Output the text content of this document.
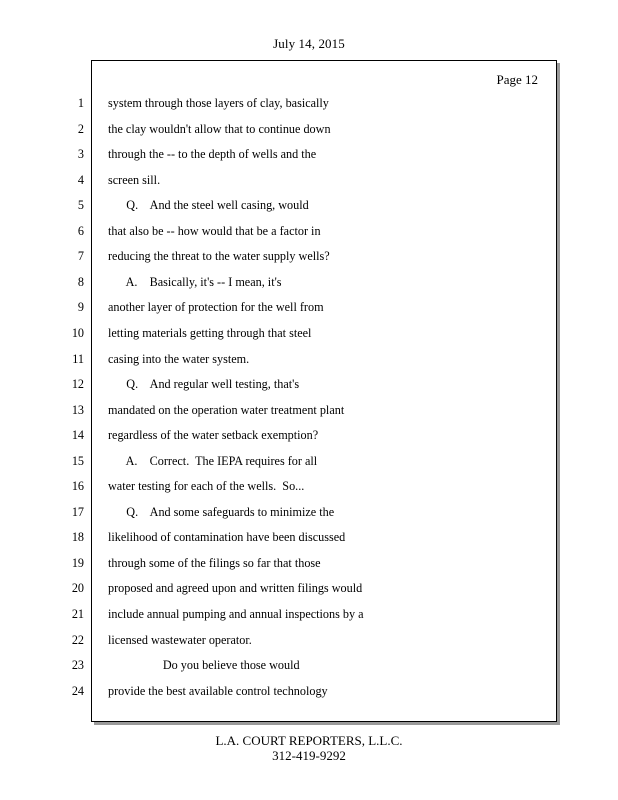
July 14, 2015
Page 12
1 system through those layers of clay, basically
2 the clay wouldn't allow that to continue down
3 through the -- to the depth of wells and the
4 screen sill.
5 Q.    And the steel well casing, would
6 that also be -- how would that be a factor in
7 reducing the threat to the water supply wells?
8 A.    Basically, it's -- I mean, it's
9 another layer of protection for the well from
10 letting materials getting through that steel
11 casing into the water system.
12 Q.    And regular well testing, that's
13 mandated on the operation water treatment plant
14 regardless of the water setback exemption?
15 A.    Correct.  The IEPA requires for all
16 water testing for each of the wells.  So...
17 Q.    And some safeguards to minimize the
18 likelihood of contamination have been discussed
19 through some of the filings so far that those
20 proposed and agreed upon and written filings would
21 include annual pumping and annual inspections by a
22 licensed wastewater operator.
23 Do you believe those would
24 provide the best available control technology
L.A. COURT REPORTERS, L.L.C.
312-419-9292
